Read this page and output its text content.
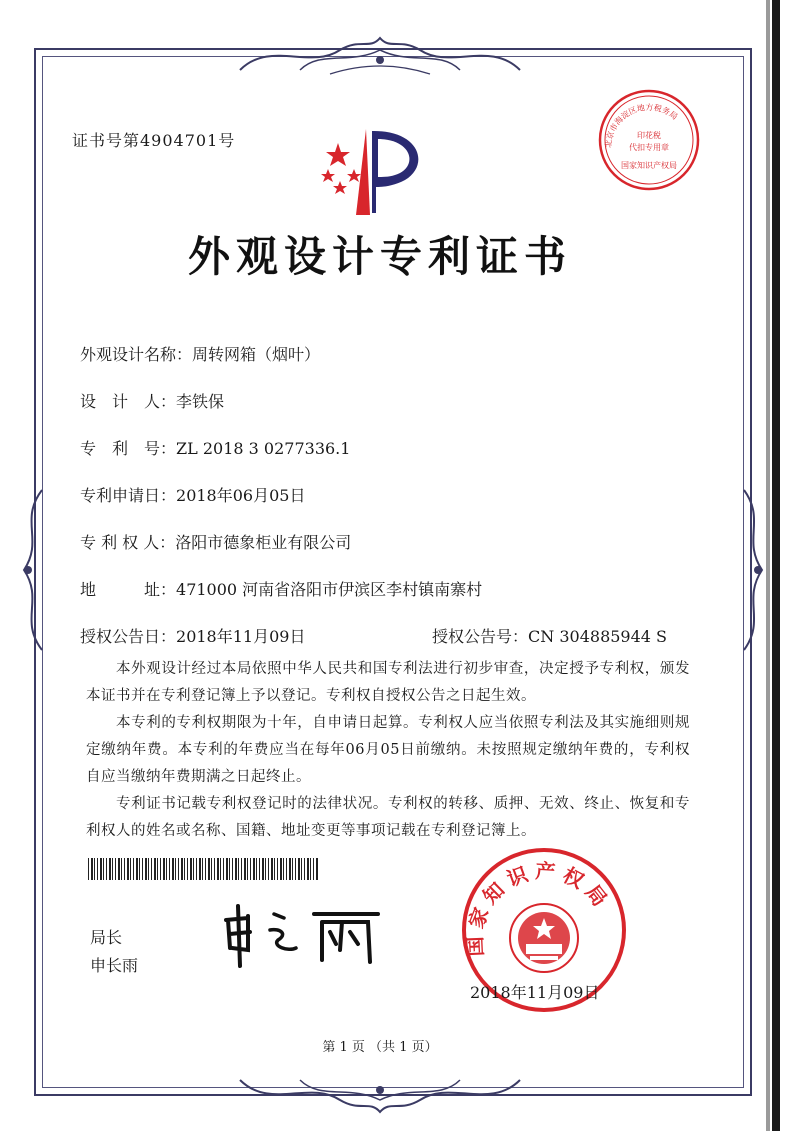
证书号第4904701号	北京市海淀区地方税务局
印花税
代扣专用章
国家知识产权局
外观设计专利证书
外观设计名称：周转网箱（烟叶）
设　计　人：李铁保
专　利　号：ZL 2018 3 0277336.1
专利申请日：2018年06月05日
专 利 权 人：洛阳市德象柜业有限公司
地　　　址：471000 河南省洛阳市伊滨区李村镇南寨村
授权公告日：2018年11月09日	授权公告号：CN 304885944 S
本外观设计经过本局依照中华人民共和国专利法进行初步审查，决定授予专利权，颁发本证书并在专利登记簿上予以登记。专利权自授权公告之日起生效。
本专利的专利权期限为十年，自申请日起算。专利权人应当依照专利法及其实施细则规定缴纳年费。本专利的年费应当在每年06月05日前缴纳。未按照规定缴纳年费的，专利权自应当缴纳年费期满之日起终止。
专利证书记载专利权登记时的法律状况。专利权的转移、质押、无效、终止、恢复和专利权人的姓名或名称、国籍、地址变更等事项记载在专利登记簿上。
局长
申长雨
国家知识产权局
2018年11月09日
第 1 页 （共 1 页）
